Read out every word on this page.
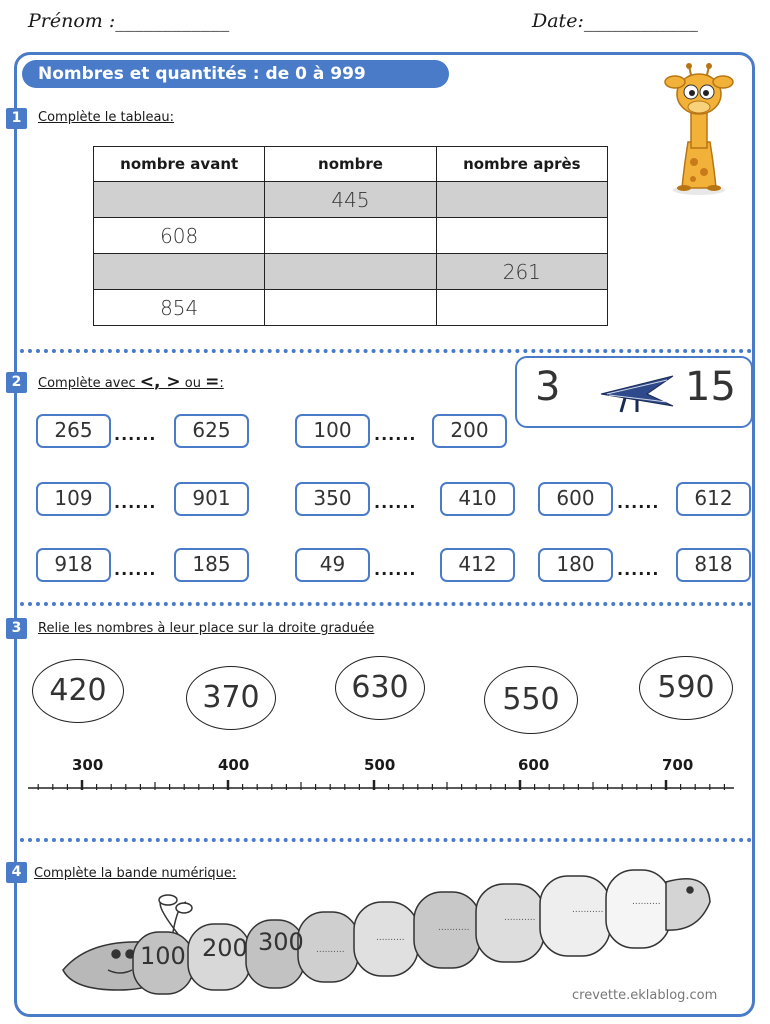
Prénom :____________	Date:____________
Nombres et quantités : de 0 à 999
1	Complète le tableau:
nombre avant	nombre	nombre après
	445	
608		
		261
854		
2	Complète avec <, > ou =:	3	15
265	......	625	100	......	200
109	......	901	350	......	410	600	......	612
918	......	185	49	......	412	180	......	818
3	Relie les nombres à leur place sur la droite graduée
420	370	630	550	590
300	400	500	600	700
4 Complète la bande numérique:
..........
..........
...........
...........
...........
..........
100 200 300
crevette.eklablog.com
